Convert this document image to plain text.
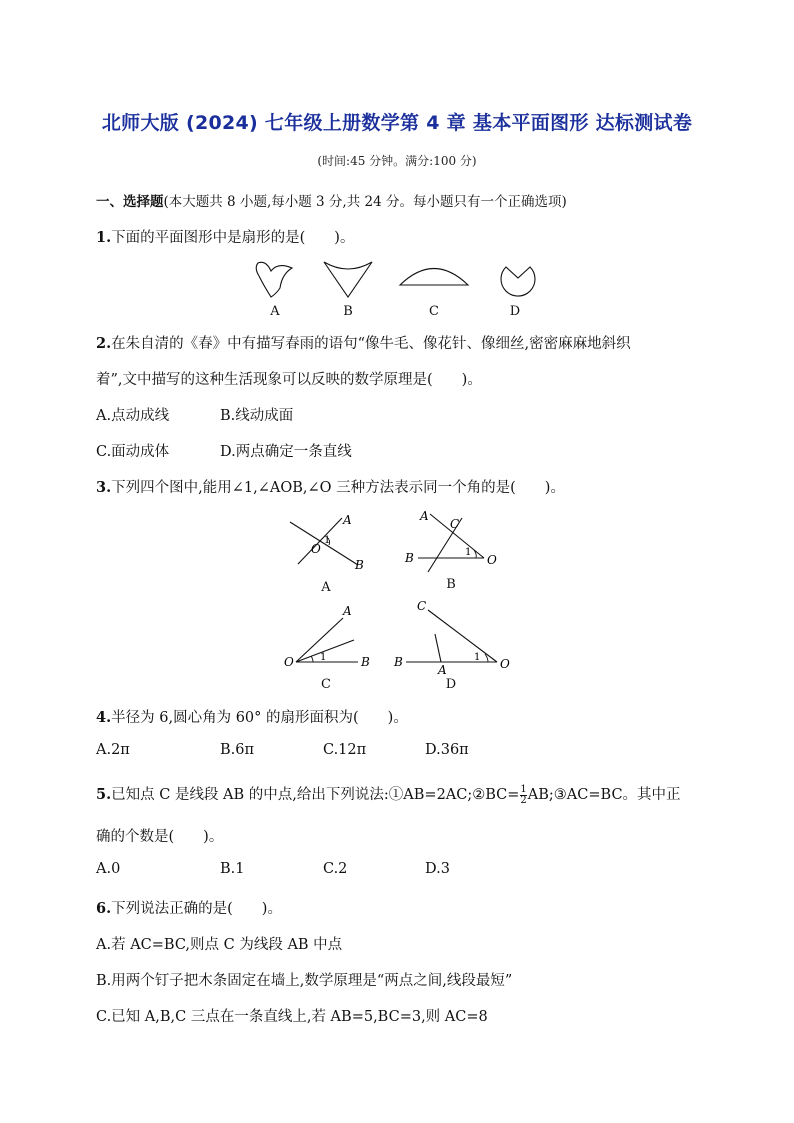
北师大版 (2024) 七年级上册数学第 4 章 基本平面图形 达标测试卷
(时间:45 分钟。满分:100 分)
一、选择题(本大题共 8 小题,每小题 3 分,共 24 分。每小题只有一个正确选项)
1.下面的平面图形中是扇形的是(　　)。
A	B	C	D
2.在朱自清的《春》中有描写春雨的语句“像牛毛、像花针、像细丝,密密麻麻地斜织
着”,文中描写的这种生活现象可以反映的数学原理是(　　)。
A.点动成线	B.线动成面
C.面动成体	D.两点确定一条直线
3.下列四个图中,能用∠1,∠AOB,∠O 三种方法表示同一个角的是(　　)。
A
O
1
B
A
C
B	1
O
A
O	1	B
C
B
A
1 O
A	B
C	D
4.半径为 6,圆心角为 60° 的扇形面积为(　　)。
A.2π	B.6π	C.12π	D.36π
5.已知点 C 是线段 AB 的中点,给出下列说法:①AB=2AC;②BC= $\frac{1}{2}$ AB;③AC=BC。其中正
确的个数是(　　)。
A.0	B.1	C.2	D.3
6.下列说法正确的是(　　)。
A.若 AC=BC,则点 C 为线段 AB 中点
B.用两个钉子把木条固定在墙上,数学原理是“两点之间,线段最短”
C.已知 A,B,C 三点在一条直线上,若 AB=5,BC=3,则 AC=8
